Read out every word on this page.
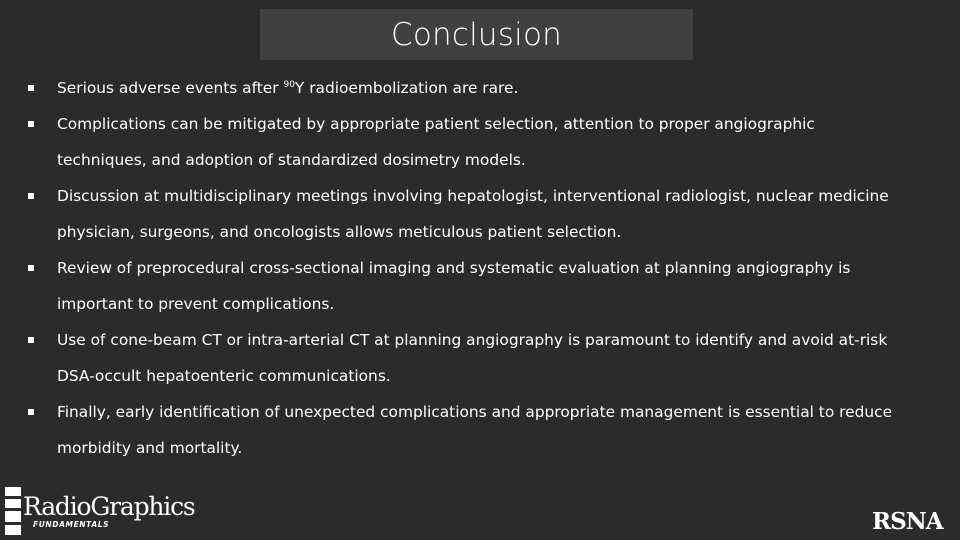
Conclusion
Serious adverse events after $^{90}$Y radioembolization are rare.
Complications can be mitigated by appropriate patient selection, attention to proper angiographic
techniques, and adoption of standardized dosimetry models.
Discussion at multidisciplinary meetings involving hepatologist, interventional radiologist, nuclear medicine
physician, surgeons, and oncologists allows meticulous patient selection.
Review of preprocedural cross-sectional imaging and systematic evaluation at planning angiography is
important to prevent complications.
Use of cone-beam CT or intra-arterial CT at planning angiography is paramount to identify and avoid at-risk
DSA-occult hepatoenteric communications.
Finally, early identification of unexpected complications and appropriate management is essential to reduce
morbidity and mortality.
RadioGraphics
FUNDAMENTALS	RSNA
